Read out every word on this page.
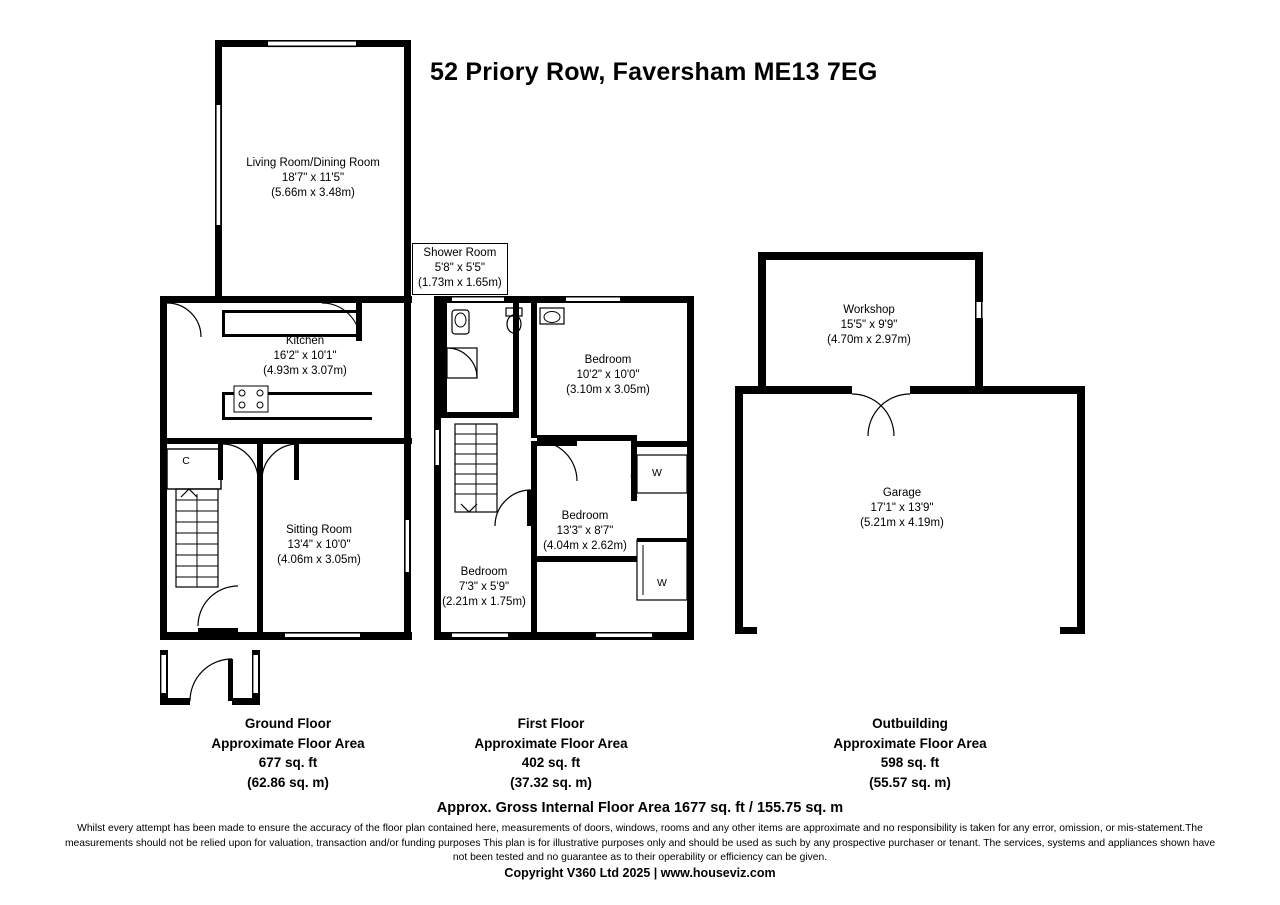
52 Priory Row, Faversham ME13 7EG
Living Room/Dining Room
18'7" x 11'5"
(5.66m x 3.48m)
Kitchen
16'2" x 10'1"
(4.93m x 3.07m)
Sitting Room
13'4" x 10'0"
(4.06m x 3.05m)
C
Shower Room
5'8" x 5'5"
(1.73m x 1.65m)
Bedroom
10'2" x 10'0"
(3.10m x 3.05m)
Bedroom
13'3" x 8'7"
(4.04m x 2.62m)
Bedroom
7'3" x 5'9"
(2.21m x 1.75m)
W
W
Workshop
15'5" x 9'9"
(4.70m x 2.97m)
Garage
17'1" x 13'9"
(5.21m x 4.19m)
Ground Floor
Approximate Floor Area
677 sq. ft
(62.86 sq. m)
First Floor
Approximate Floor Area
402 sq. ft
(37.32 sq. m)
Outbuilding
Approximate Floor Area
598 sq. ft
(55.57 sq. m)
Approx. Gross Internal Floor Area 1677 sq. ft / 155.75 sq. m
Whilst every attempt has been made to ensure the accuracy of the floor plan contained here, measurements of doors, windows, rooms and any other items are approximate and no responsibility is taken for any error, omission, or mis-statement.The measurements should not be relied upon for valuation, transaction and/or funding purposes This plan is for illustrative purposes only and should be used as such by any prospective purchaser or tenant. The services, systems and appliances shown have not been tested and no guarantee as to their operability or efficiency can be given.
Copyright V360 Ltd 2025 | www.houseviz.com
